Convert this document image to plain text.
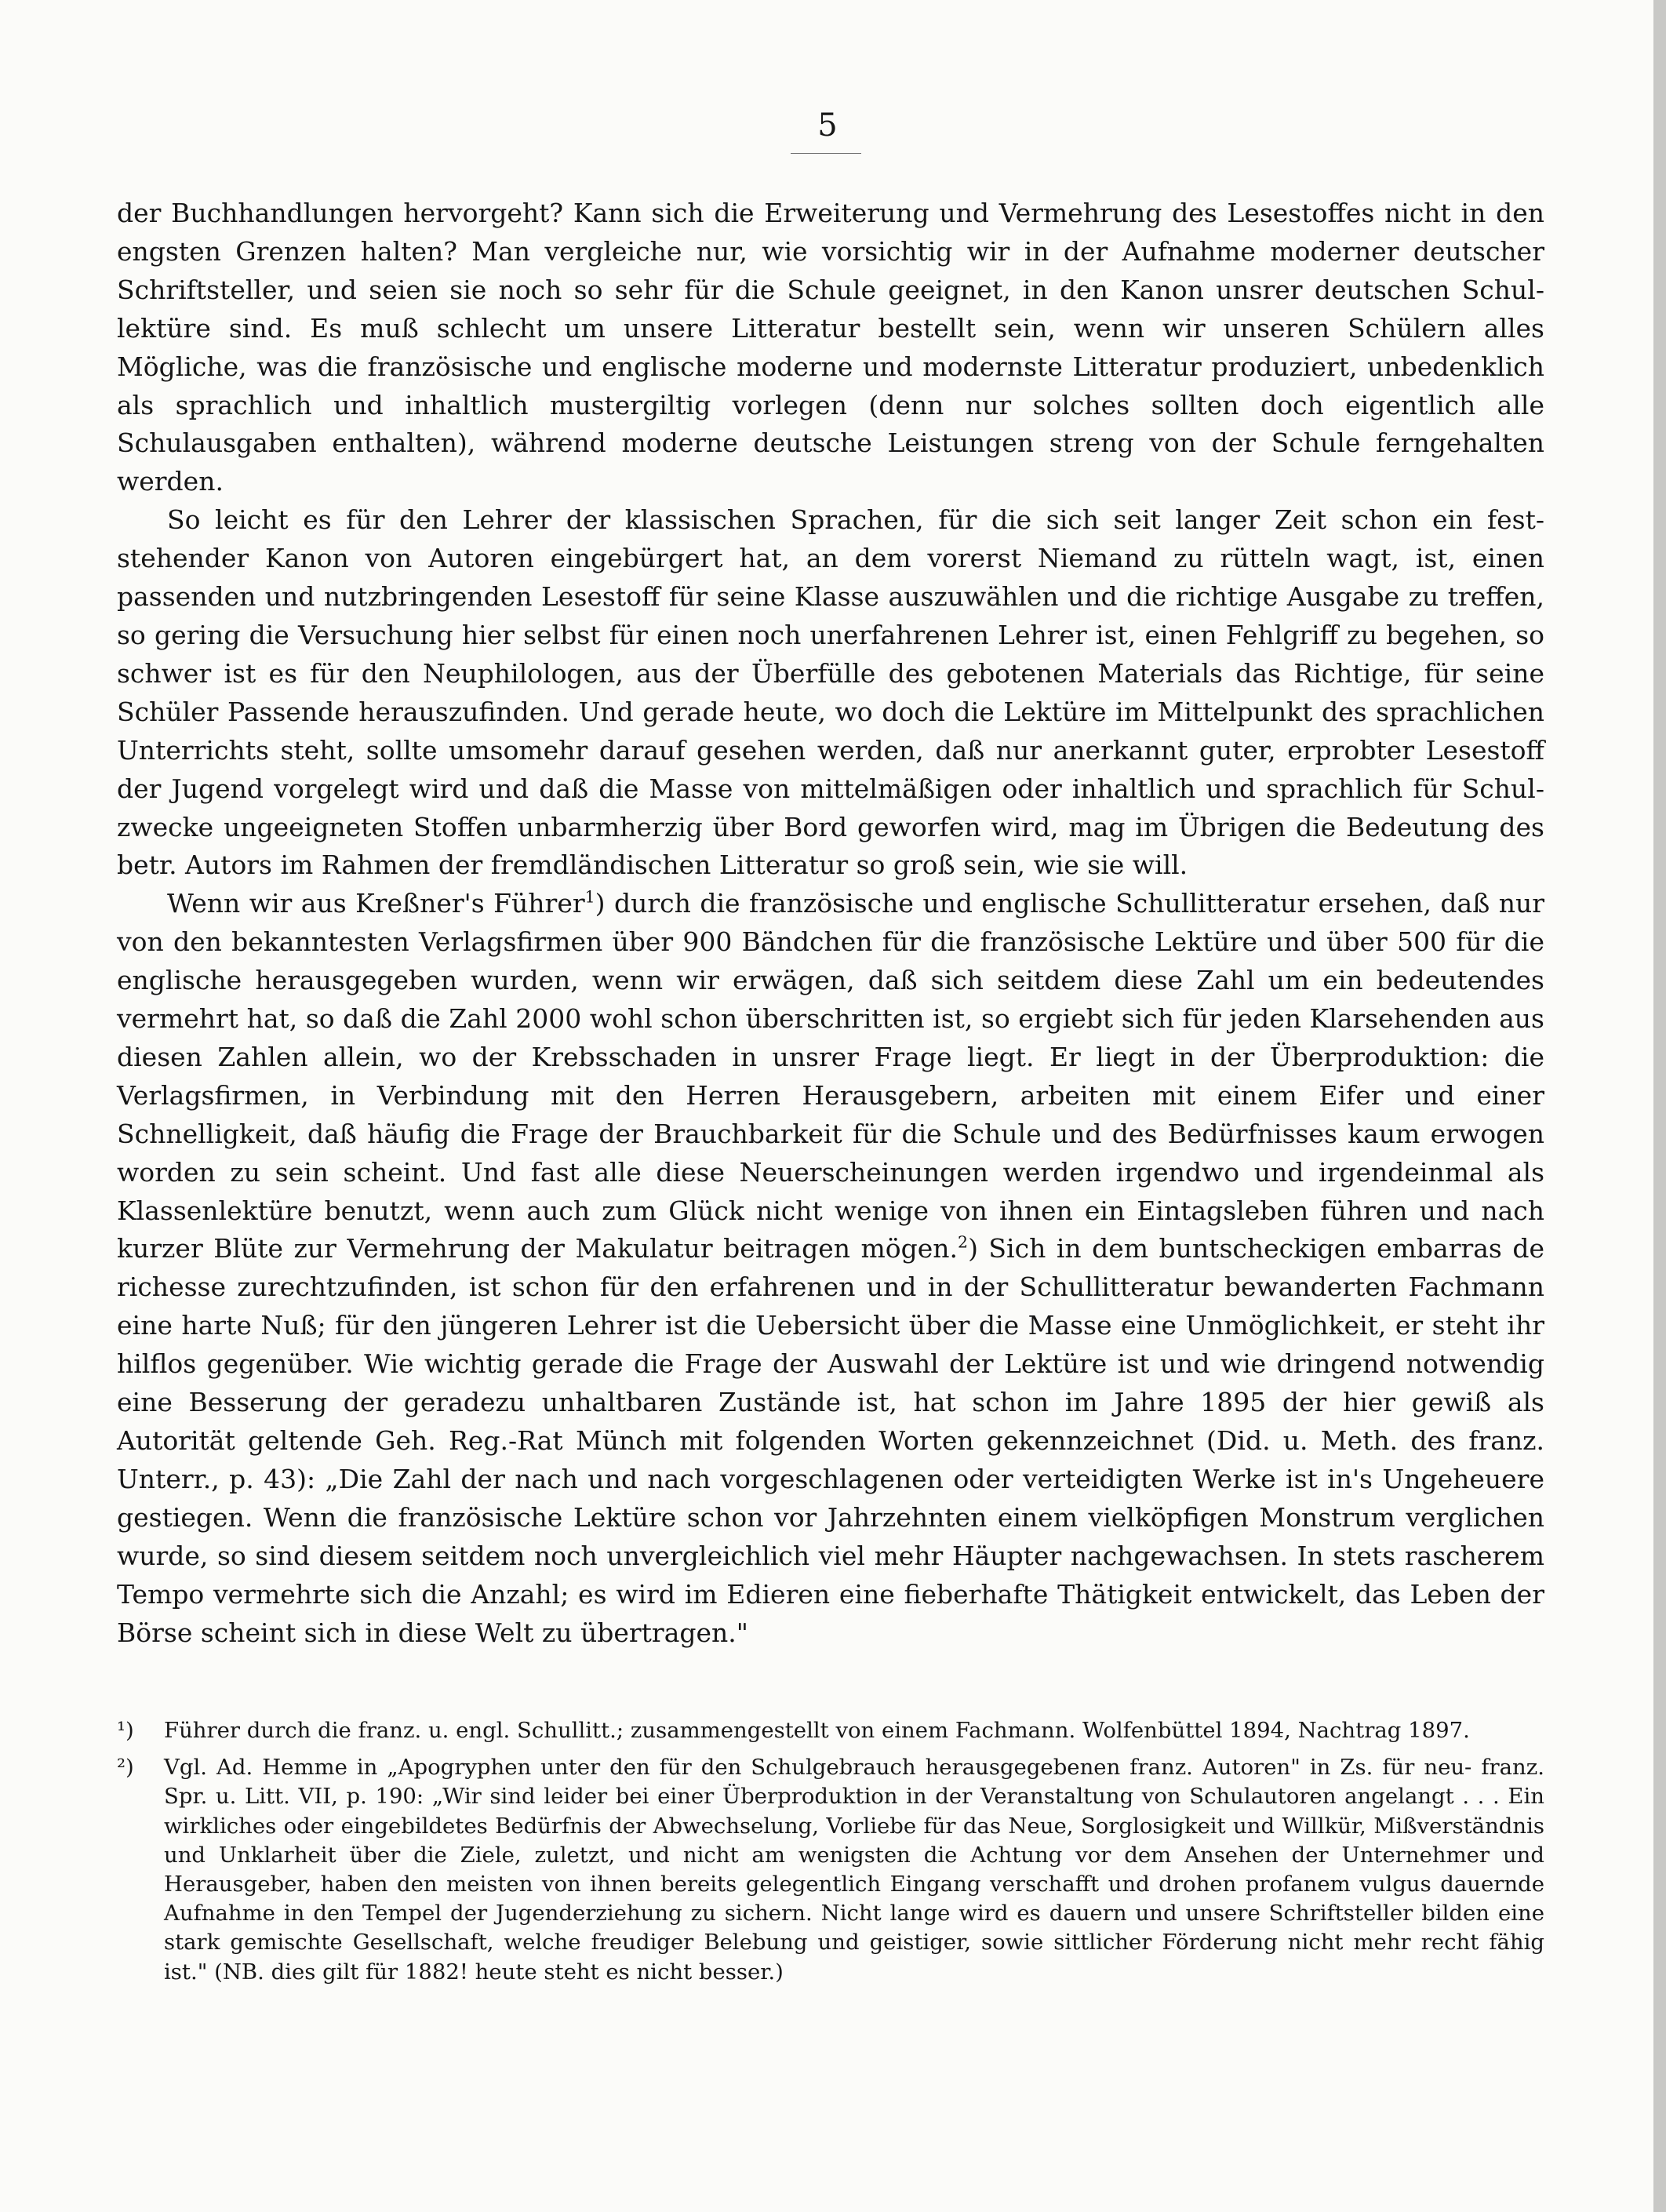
5

der Buchhandlungen hervorgeht? Kann sich die Erweiterung und Vermehrung des Lesestoffes nicht in den engsten Grenzen halten? Man vergleiche nur, wie vorsichtig wir in der Aufnahme moderner deutscher Schriftsteller, und seien sie noch so sehr für die Schule geeignet, in den Kanon unsrer deutschen Schul- lektüre sind. Es muß schlecht um unsere Litteratur bestellt sein, wenn wir unseren Schülern alles Mögliche, was die französische und englische moderne und modernste Litteratur produziert, unbedenklich als sprachlich und inhaltlich mustergiltig vorlegen (denn nur solches sollten doch eigentlich alle Schulausgaben enthalten), während moderne deutsche Leistungen streng von der Schule ferngehalten werden.

So leicht es für den Lehrer der klassischen Sprachen, für die sich seit langer Zeit schon ein fest- stehender Kanon von Autoren eingebürgert hat, an dem vorerst Niemand zu rütteln wagt, ist, einen passenden und nutzbringenden Lesestoff für seine Klasse auszuwählen und die richtige Ausgabe zu treffen, so gering die Versuchung hier selbst für einen noch unerfahrenen Lehrer ist, einen Fehlgriff zu begehen, so schwer ist es für den Neuphilologen, aus der Überfülle des gebotenen Materials das Richtige, für seine Schüler Passende herauszufinden. Und gerade heute, wo doch die Lektüre im Mittelpunkt des sprachlichen Unterrichts steht, sollte umsomehr darauf gesehen werden, daß nur anerkannt guter, erprobter Lesestoff der Jugend vorgelegt wird und daß die Masse von mittelmäßigen oder inhaltlich und sprachlich für Schul- zwecke ungeeigneten Stoffen unbarmherzig über Bord geworfen wird, mag im Übrigen die Bedeutung des betr. Autors im Rahmen der fremdländischen Litteratur so groß sein, wie sie will.

Wenn wir aus Kreßner's Führer$^1$) durch die französische und englische Schullitteratur ersehen, daß nur von den bekanntesten Verlagsfirmen über 900 Bändchen für die französische Lektüre und über 500 für die englische herausgegeben wurden, wenn wir erwägen, daß sich seitdem diese Zahl um ein bedeutendes vermehrt hat, so daß die Zahl 2000 wohl schon überschritten ist, so ergiebt sich für jeden Klarsehenden aus diesen Zahlen allein, wo der Krebsschaden in unsrer Frage liegt. Er liegt in der Überproduktion: die Verlagsfirmen, in Verbindung mit den Herren Herausgebern, arbeiten mit einem Eifer und einer Schnelligkeit, daß häufig die Frage der Brauchbarkeit für die Schule und des Bedürfnisses kaum erwogen worden zu sein scheint. Und fast alle diese Neuerscheinungen werden irgendwo und irgendeinmal als Klassenlektüre benutzt, wenn auch zum Glück nicht wenige von ihnen ein Eintagsleben führen und nach kurzer Blüte zur Vermehrung der Makulatur beitragen mögen.$^2$) Sich in dem buntscheckigen embarras de richesse zurechtzufinden, ist schon für den erfahrenen und in der Schullitteratur bewanderten Fachmann eine harte Nuß; für den jüngeren Lehrer ist die Uebersicht über die Masse eine Unmöglichkeit, er steht ihr hilflos gegenüber. Wie wichtig gerade die Frage der Auswahl der Lektüre ist und wie dringend notwendig eine Besserung der geradezu unhaltbaren Zustände ist, hat schon im Jahre 1895 der hier gewiß als Autorität geltende Geh. Reg.-Rat Münch mit folgenden Worten gekennzeichnet (Did. u. Meth. des franz. Unterr., p. 43): „Die Zahl der nach und nach vorgeschlagenen oder verteidigten Werke ist in's Ungeheuere gestiegen. Wenn die französische Lektüre schon vor Jahrzehnten einem vielköpfigen Monstrum verglichen wurde, so sind diesem seitdem noch unvergleichlich viel mehr Häupter nachgewachsen. In stets rascherem Tempo vermehrte sich die Anzahl; es wird im Edieren eine fieberhafte Thätigkeit entwickelt, das Leben der Börse scheint sich in diese Welt zu übertragen."

¹) Führer durch die franz. u. engl. Schullitt.; zusammengestellt von einem Fachmann. Wolfenbüttel 1894, Nachtrag 1897.
²) Vgl. Ad. Hemme in „Apogryphen unter den für den Schulgebrauch herausgegebenen franz. Autoren" in Zs. für neu- franz. Spr. u. Litt. VII, p. 190: „Wir sind leider bei einer Überproduktion in der Veranstaltung von Schulautoren angelangt . . . Ein wirkliches oder eingebildetes Bedürfnis der Abwechselung, Vorliebe für das Neue, Sorglosigkeit und Willkür, Mißverständnis und Unklarheit über die Ziele, zuletzt, und nicht am wenigsten die Achtung vor dem Ansehen der Unternehmer und Herausgeber, haben den meisten von ihnen bereits gelegentlich Eingang verschafft und drohen profanem vulgus dauernde Aufnahme in den Tempel der Jugenderziehung zu sichern. Nicht lange wird es dauern und unsere Schriftsteller bilden eine stark gemischte Gesellschaft, welche freudiger Belebung und geistiger, sowie sittlicher Förderung nicht mehr recht fähig ist." (NB. dies gilt für 1882! heute steht es nicht besser.)
